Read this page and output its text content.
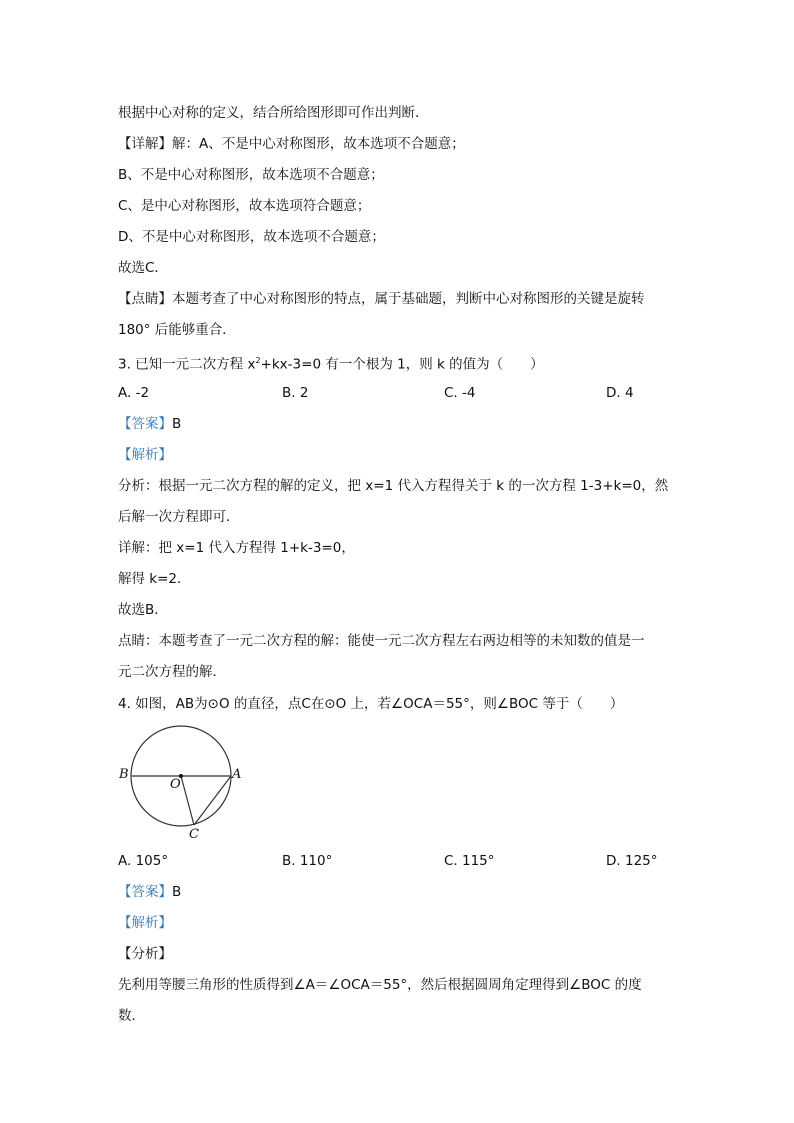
根据中心对称的定义，结合所给图形即可作出判断．
【详解】解：A、不是中心对称图形，故本选项不合题意；
B、不是中心对称图形，故本选项不合题意；
C、是中心对称图形，故本选项符合题意；
D、不是中心对称图形，故本选项不合题意；
故选C．
【点睛】本题考查了中心对称图形的特点，属于基础题，判断中心对称图形的关键是旋转
180° 后能够重合．
3. 已知一元二次方程 $x^2+kx-3=0$ 有一个根为 1，则 k 的值为（　　）
A. -2	B. 2	C. -4	D. 4
【答案】B
【解析】
分析：根据一元二次方程的解的定义，把 x=1 代入方程得关于 k 的一次方程 1-3+k=0，然
后解一次方程即可．
详解：把 x=1 代入方程得 1+k-3=0，
解得 k=2．
故选B．
点睛：本题考查了一元二次方程的解：能使一元二次方程左右两边相等的未知数的值是一
元二次方程的解．
4. 如图，AB为⊙O 的直径，点C在⊙O 上，若∠OCA＝55°，则∠BOC 等于（　　）
B	A
O
C
A. 105°	B. 110°	C. 115°	D. 125°
【答案】B
【解析】
【分析】
先利用等腰三角形的性质得到∠A＝∠OCA＝55°，然后根据圆周角定理得到∠BOC 的度
数．
